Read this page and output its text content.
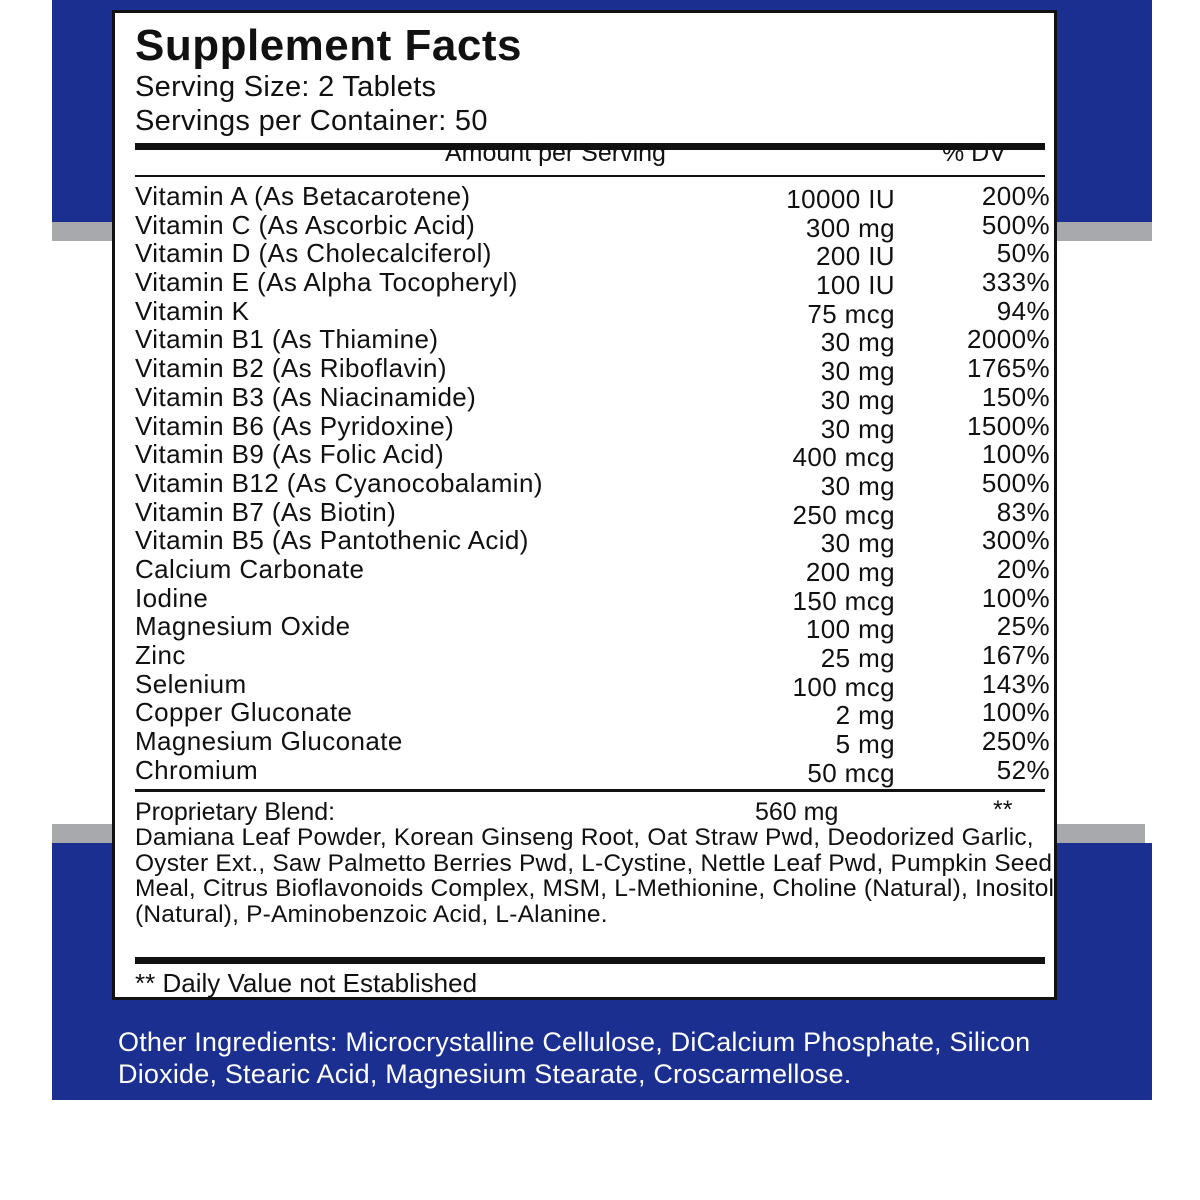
Supplement Facts
Serving Size: 2 Tablets
Servings per Container: 50
Amount per Serving	% DV
Vitamin A (As Betacarotene)	10000 IU	200%
Vitamin C (As Ascorbic Acid)	300 mg	500%
Vitamin D (As Cholecalciferol)	200 IU	50%
Vitamin E (As Alpha Tocopheryl)	100 IU	333%
Vitamin K	75 mcg	94%
Vitamin B1 (As Thiamine)	30 mg	2000%
Vitamin B2 (As Riboflavin)	30 mg	1765%
Vitamin B3 (As Niacinamide)	30 mg	150%
Vitamin B6 (As Pyridoxine)	30 mg	1500%
Vitamin B9 (As Folic Acid)	400 mcg	100%
Vitamin B12 (As Cyanocobalamin)	30 mg	500%
Vitamin B7 (As Biotin)	250 mcg	83%
Vitamin B5 (As Pantothenic Acid)	30 mg	300%
Calcium Carbonate	200 mg	20%
Iodine	150 mcg	100%
Magnesium Oxide	100 mg	25%
Zinc	25 mg	167%
Selenium	100 mcg	143%
Copper Gluconate	2 mg	100%
Magnesium Gluconate	5 mg	250%
Chromium	50 mcg	52%
Proprietary Blend:	560 mg	**
Damiana Leaf Powder, Korean Ginseng Root, Oat Straw Pwd, Deodorized Garlic, Oyster Ext., Saw Palmetto Berries Pwd, L-Cystine, Nettle Leaf Pwd, Pumpkin Seed Meal, Citrus Bioflavonoids Complex, MSM, L-Methionine, Choline (Natural), Inositol (Natural), P-Aminobenzoic Acid, L-Alanine.
** Daily Value not Established
Other Ingredients: Microcrystalline Cellulose, DiCalcium Phosphate, Silicon Dioxide, Stearic Acid, Magnesium Stearate, Croscarmellose.
